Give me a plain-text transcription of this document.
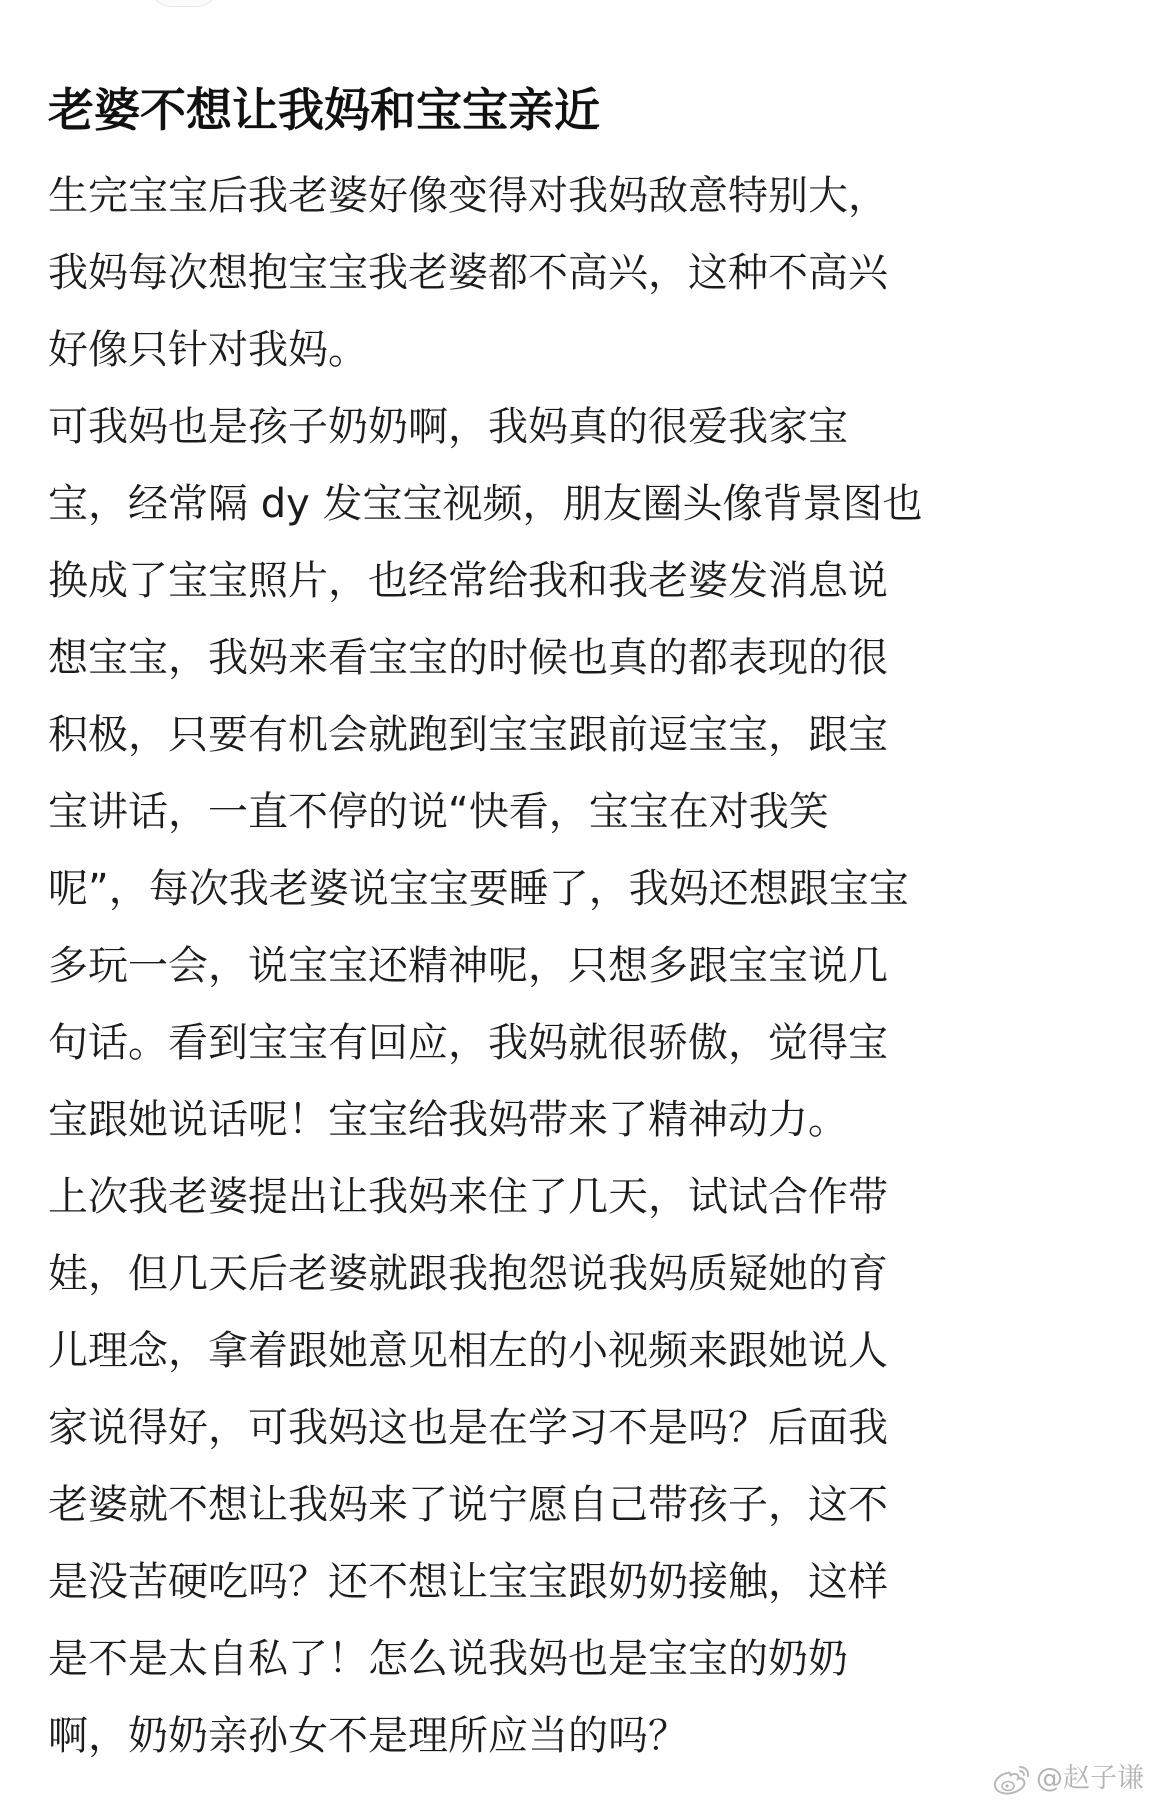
老婆不想让我妈和宝宝亲近
生完宝宝后我老婆好像变得对我妈敌意特别大，
我妈每次想抱宝宝我老婆都不高兴，这种不高兴
好像只针对我妈。
可我妈也是孩子奶奶啊，我妈真的很爱我家宝
宝，经常隔 dy 发宝宝视频，朋友圈头像背景图也
换成了宝宝照片，也经常给我和我老婆发消息说
想宝宝，我妈来看宝宝的时候也真的都表现的很
积极，只要有机会就跑到宝宝跟前逗宝宝，跟宝
宝讲话，一直不停的说“快看，宝宝在对我笑
呢”，每次我老婆说宝宝要睡了，我妈还想跟宝宝
多玩一会，说宝宝还精神呢，只想多跟宝宝说几
句话。看到宝宝有回应，我妈就很骄傲，觉得宝
宝跟她说话呢！宝宝给我妈带来了精神动力。
上次我老婆提出让我妈来住了几天，试试合作带
娃，但几天后老婆就跟我抱怨说我妈质疑她的育
儿理念，拿着跟她意见相左的小视频来跟她说人
家说得好，可我妈这也是在学习不是吗？后面我
老婆就不想让我妈来了说宁愿自己带孩子，这不
是没苦硬吃吗？还不想让宝宝跟奶奶接触，这样
是不是太自私了！怎么说我妈也是宝宝的奶奶
啊，奶奶亲孙女不是理所应当的吗？
@赵子谦
